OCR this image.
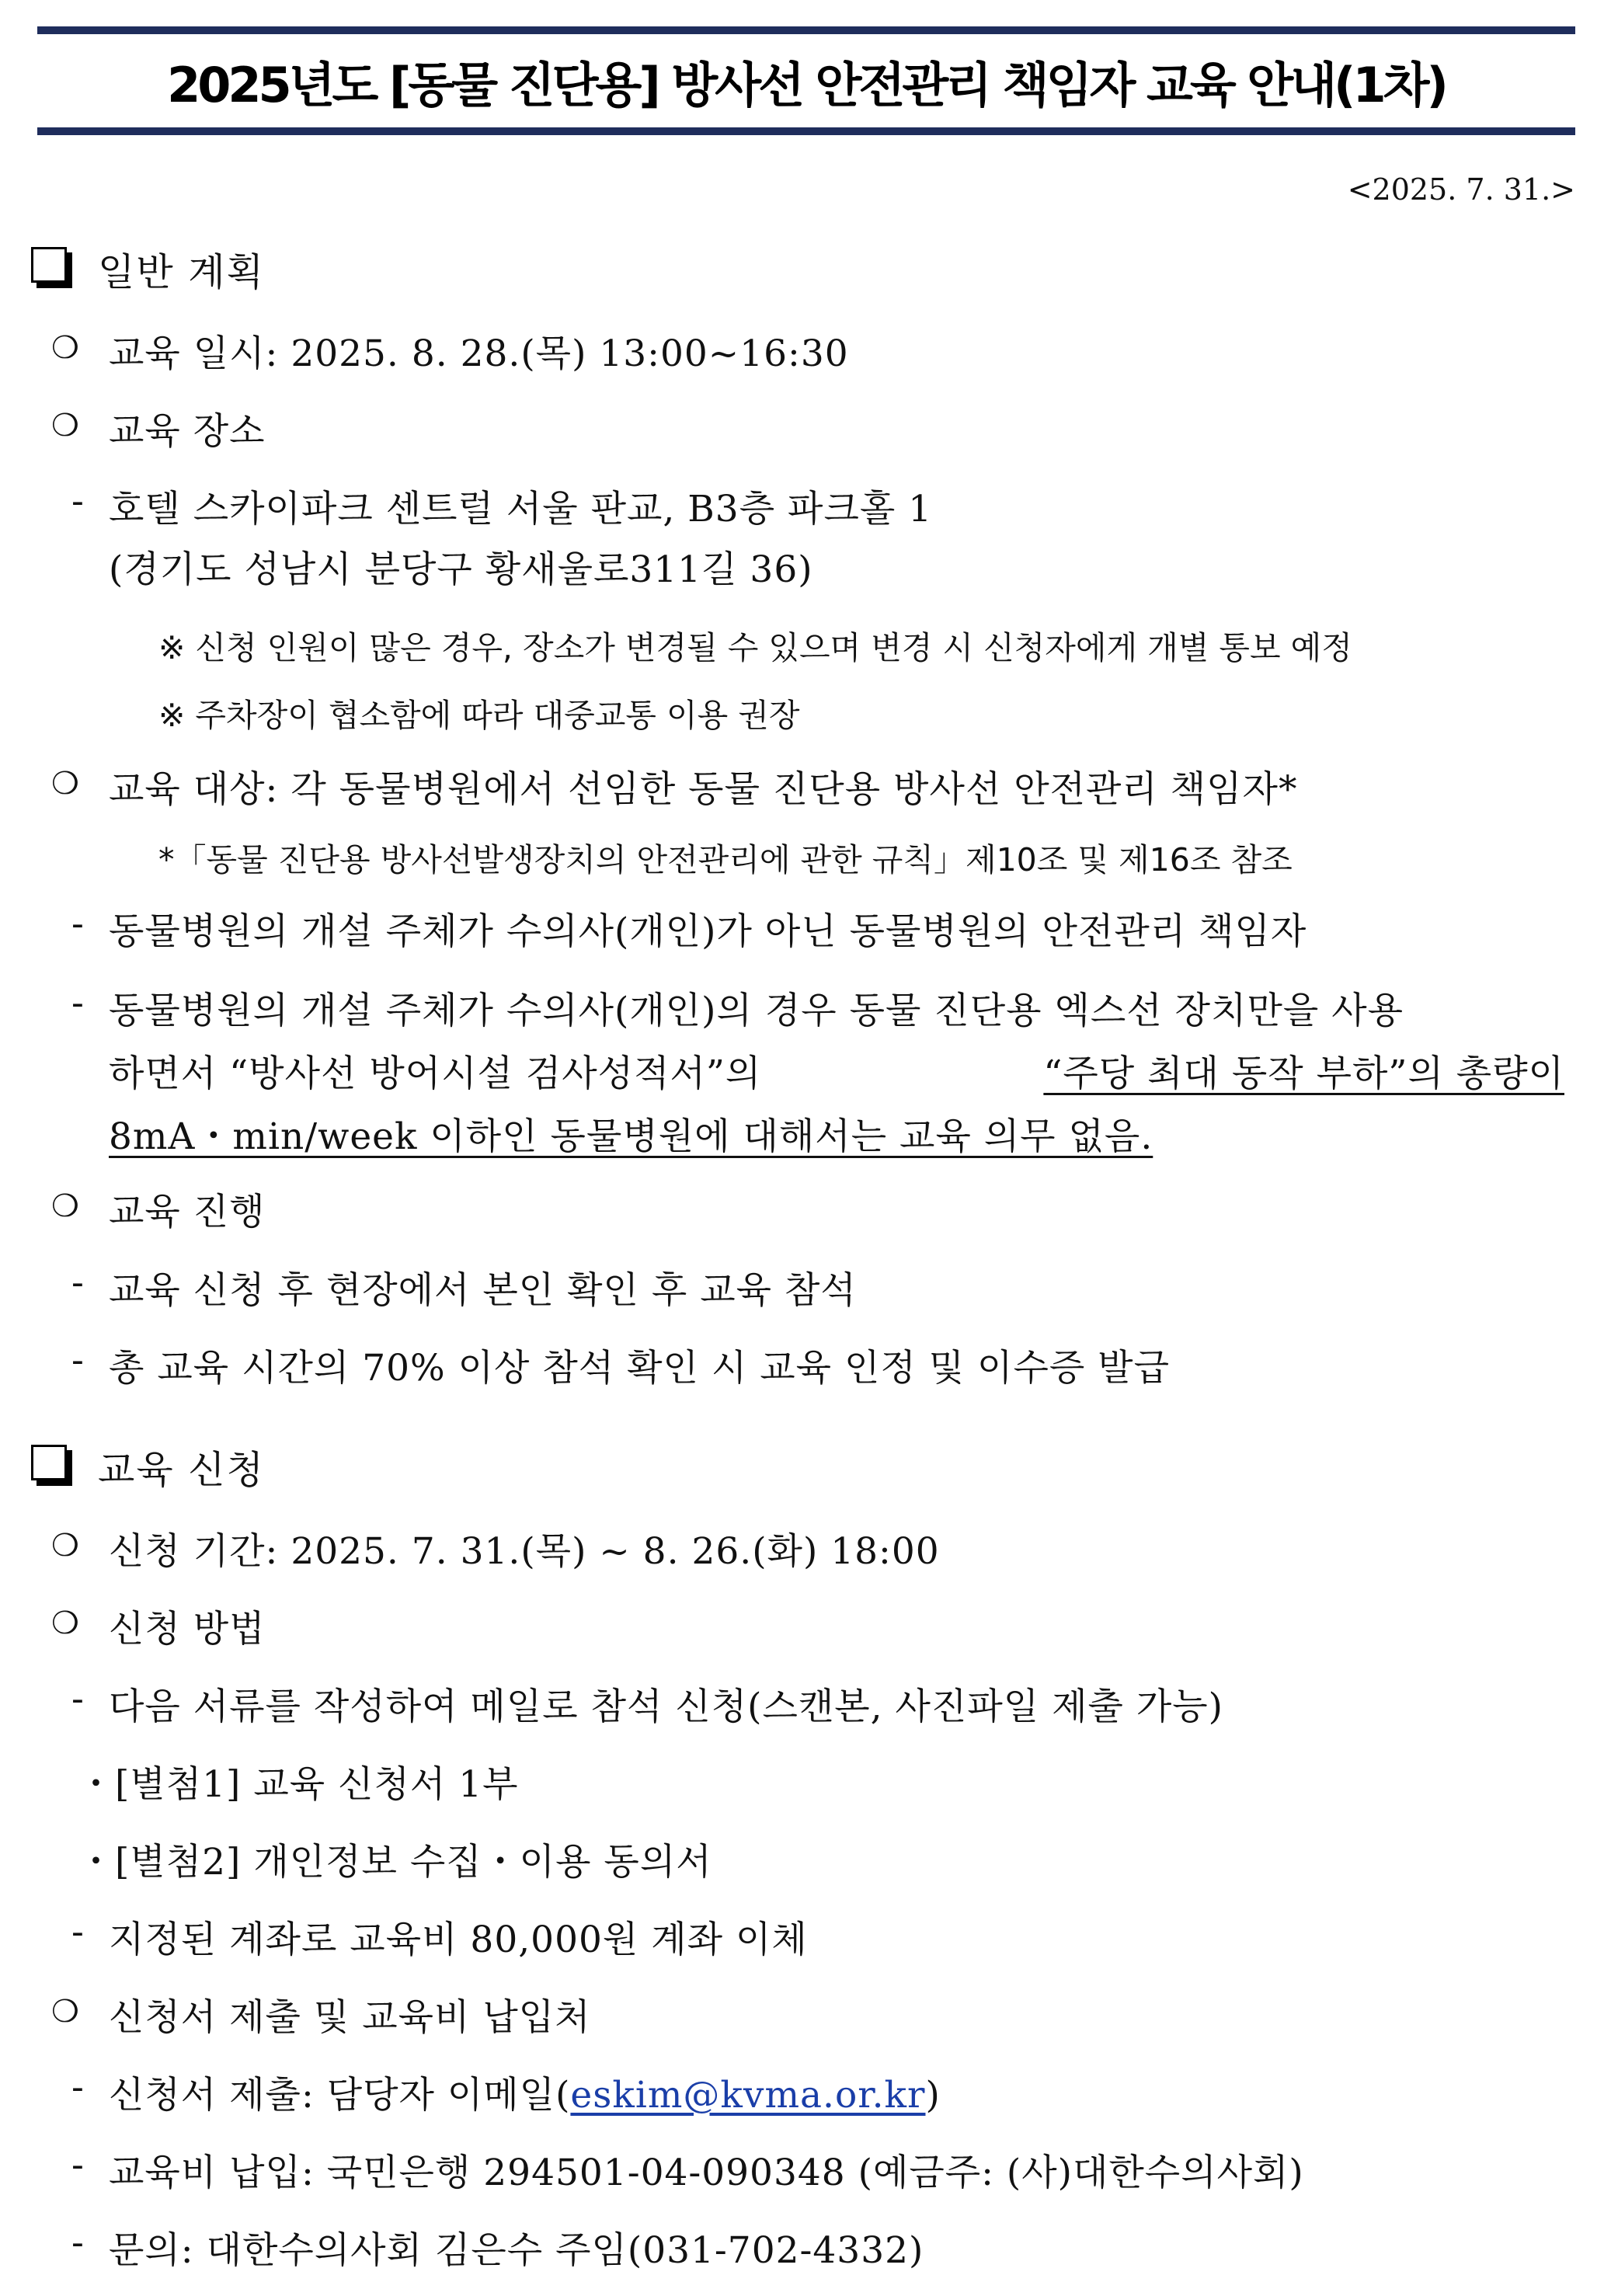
2025년도 [동물 진단용] 방사선 안전관리 책임자 교육 안내(1차)
<2025. 7. 31.>
일반 계획
❍ 교육 일시: 2025. 8. 28.(목) 13:00~16:30
❍ 교육 장소
- 호텔 스카이파크 센트럴 서울 판교, B3층 파크홀 1
(경기도 성남시 분당구 황새울로311길 36)
※ 신청 인원이 많은 경우, 장소가 변경될 수 있으며 변경 시 신청자에게 개별 통보 예정
※ 주차장이 협소함에 따라 대중교통 이용 권장
❍ 교육 대상: 각 동물병원에서 선임한 동물 진단용 방사선 안전관리 책임자*
*「동물 진단용 방사선발생장치의 안전관리에 관한 규칙」제10조 및 제16조 참조
- 동물병원의 개설 주체가 수의사(개인)가 아닌 동물병원의 안전관리 책임자
- 동물병원의 개설 주체가 수의사(개인)의 경우 동물 진단용 엑스선 장치만을 사용
하면서 “방사선 방어시설 검사성적서”의	“주당 최대 동작 부하”의 총량이
8mA・min/week 이하인 동물병원에 대해서는 교육 의무 없음.
❍ 교육 진행
- 교육 신청 후 현장에서 본인 확인 후 교육 참석
- 총 교육 시간의 70% 이상 참석 확인 시 교육 인정 및 이수증 발급
교육 신청
❍ 신청 기간: 2025. 7. 31.(목) ~ 8. 26.(화) 18:00
❍ 신청 방법
- 다음 서류를 작성하여 메일로 참석 신청(스캔본, 사진파일 제출 가능)
・[별첨1] 교육 신청서 1부
・[별첨2] 개인정보 수집・이용 동의서
- 지정된 계좌로 교육비 80,000원 계좌 이체
❍ 신청서 제출 및 교육비 납입처
- 신청서 제출: 담당자 이메일(eskim@kvma.or.kr)
- 교육비 납입: 국민은행 294501-04-090348 (예금주: (사)대한수의사회)
- 문의: 대한수의사회 김은수 주임(031-702-4332)
